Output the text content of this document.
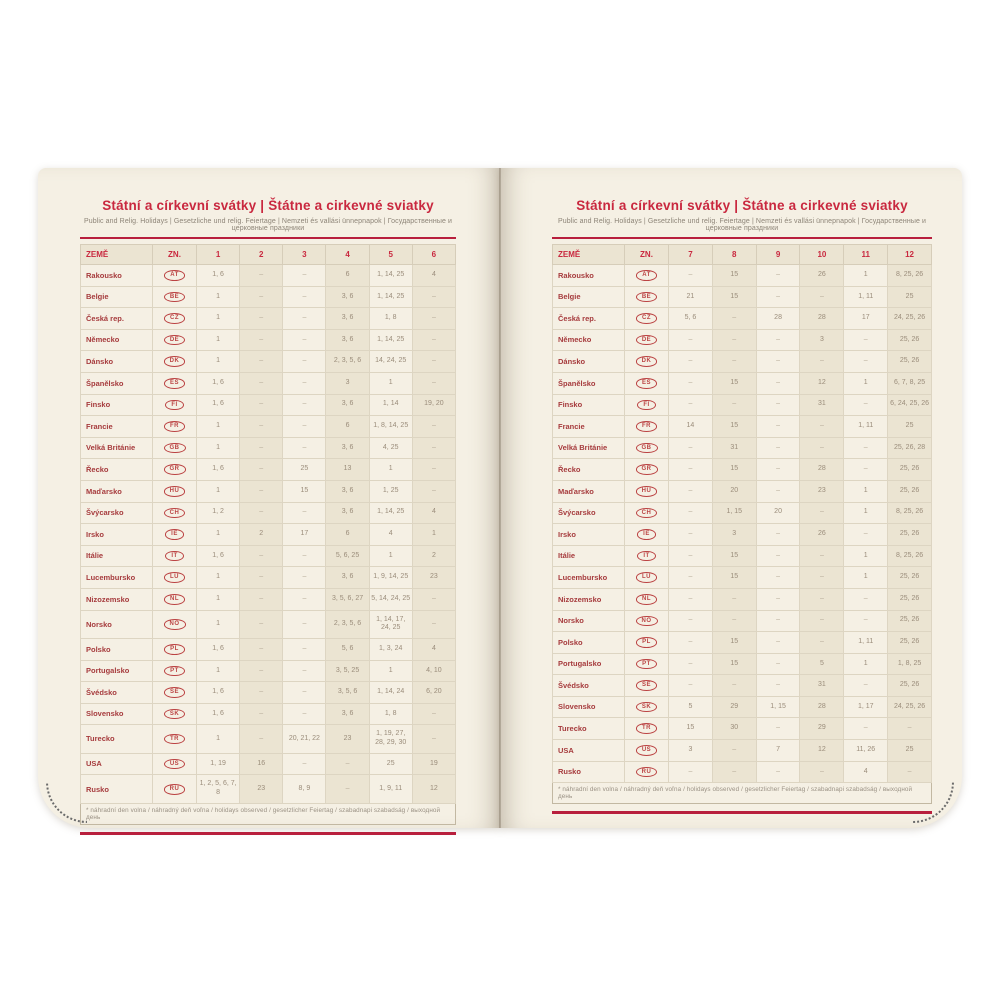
Státní a církevní svátky | Štátne a cirkevné sviatky
Public and Relig. Holidays | Gesetzliche und relig. Feiertage | Nemzeti és vallási ünnepnapok | Государственные и церковные праздники
ZEMĚ	ZN.	1	2	3	4	5	6
Rakousko	AT	1, 6	–	–	6	1, 14, 25	4
Belgie	BE	1	–	–	3, 6	1, 14, 25	–
Česká rep.	CZ	1	–	–	3, 6	1, 8	–
Německo	DE	1	–	–	3, 6	1, 14, 25	–
Dánsko	DK	1	–	–	2, 3, 5, 6	14, 24, 25	–
Španělsko	ES	1, 6	–	–	3	1	–
Finsko	FI	1, 6	–	–	3, 6	1, 14	19, 20
Francie	FR	1	–	–	6	1, 8, 14, 25	–
Velká Británie	GB	1	–	–	3, 6	4, 25	–
Řecko	GR	1, 6	–	25	13	1	–
Maďarsko	HU	1	–	15	3, 6	1, 25	–
Švýcarsko	CH	1, 2	–	–	3, 6	1, 14, 25	4
Irsko	IE	1	2	17	6	4	1
Itálie	IT	1, 6	–	–	5, 6, 25	1	2
Lucembursko	LU	1	–	–	3, 6	1, 9, 14, 25	23
Nizozemsko	NL	1	–	–	3, 5, 6, 27	5, 14, 24, 25	–
Norsko	NO	1	–	–	2, 3, 5, 6	1, 14, 17, 24, 25	–
Polsko	PL	1, 6	–	–	5, 6	1, 3, 24	4
Portugalsko	PT	1	–	–	3, 5, 25	1	4, 10
Švédsko	SE	1, 6	–	–	3, 5, 6	1, 14, 24	6, 20
Slovensko	SK	1, 6	–	–	3, 6	1, 8	–
Turecko	TR	1	–	20, 21, 22	23	1, 19, 27, 28, 29, 30	–
USA	US	1, 19	16	–	–	25	19
Rusko	RU	1, 2, 5, 6, 7, 8	23	8, 9	–	1, 9, 11	12
* náhradní den volna / náhradný deň voľna / holidays observed / gesetzlicher Feiertag / szabadnapi szabadság / выходной день
Státní a církevní svátky | Štátne a cirkevné sviatky
Public and Relig. Holidays | Gesetzliche und relig. Feiertage | Nemzeti és vallási ünnepnapok | Государственные и церковные праздники
ZEMĚ	ZN.	7	8	9	10	11	12
Rakousko	AT	–	15	–	26	1	8, 25, 26
Belgie	BE	21	15	–	–	1, 11	25
Česká rep.	CZ	5, 6	–	28	28	17	24, 25, 26
Německo	DE	–	–	–	3	–	25, 26
Dánsko	DK	–	–	–	–	–	25, 26
Španělsko	ES	–	15	–	12	1	6, 7, 8, 25
Finsko	FI	–	–	–	31	–	6, 24, 25, 26
Francie	FR	14	15	–	–	1, 11	25
Velká Británie	GB	–	31	–	–	–	25, 26, 28
Řecko	GR	–	15	–	28	–	25, 26
Maďarsko	HU	–	20	–	23	1	25, 26
Švýcarsko	CH	–	1, 15	20	–	1	8, 25, 26
Irsko	IE	–	3	–	26	–	25, 26
Itálie	IT	–	15	–	–	1	8, 25, 26
Lucembursko	LU	–	15	–	–	1	25, 26
Nizozemsko	NL	–	–	–	–	–	25, 26
Norsko	NO	–	–	–	–	–	25, 26
Polsko	PL	–	15	–	–	1, 11	25, 26
Portugalsko	PT	–	15	–	5	1	1, 8, 25
Švédsko	SE	–	–	–	31	–	25, 26
Slovensko	SK	5	29	1, 15	28	1, 17	24, 25, 26
Turecko	TR	15	30	–	29	–	–
USA	US	3	–	7	12	11, 26	25
Rusko	RU	–	–	–	–	4	–
* náhradní den volna / náhradný deň voľna / holidays observed / gesetzlicher Feiertag / szabadnapi szabadság / выходной день
